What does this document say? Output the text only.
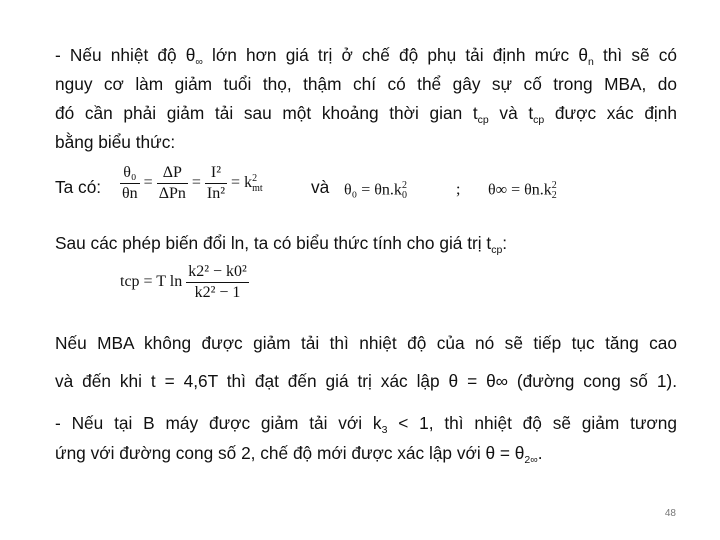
- Nếu nhiệt độ $\theta_\infty$ lớn hơn giá trị ở chế độ phụ tải định mức $\theta_n$ thì sẽ có
nguy cơ làm giảm tuổi thọ, thậm chí có thể gây sự cố trong MBA, do
đó cần phải giảm tải sau một khoảng thời gian $t_{cp}$ và $t_{cp}$ được xác định
bằng biểu thức:
Ta có: $\frac{\text{θ₀}}{\theta n} = \frac{\Delta P}{\text{ΔPn}} = \frac{\text{I²}}{\text{In²}} = k$ 2
mt	và θ₀ = θn.k 2
0	; θ∞ = θn.k 2
2
Sau các phép biến đổi ln, ta có biểu thức tính cho giá trị $t_{cp}$:
tcp = T $\ln \frac{\text{k2² − k0²}}{\text{k2² − 1}}$
Nếu MBA không được giảm tải thì nhiệt độ của nó sẽ tiếp tục tăng cao
và đến khi t = 4,6T thì đạt đến giá trị xác lập θ = θ∞ (đường cong số 1).
- Nếu tại B máy được giảm tải với $k_3 < 1$, thì nhiệt độ sẽ giảm tương
ứng với đường cong số 2, chế độ mới được xác lập với $\theta = \theta_{2\infty}$.
48
